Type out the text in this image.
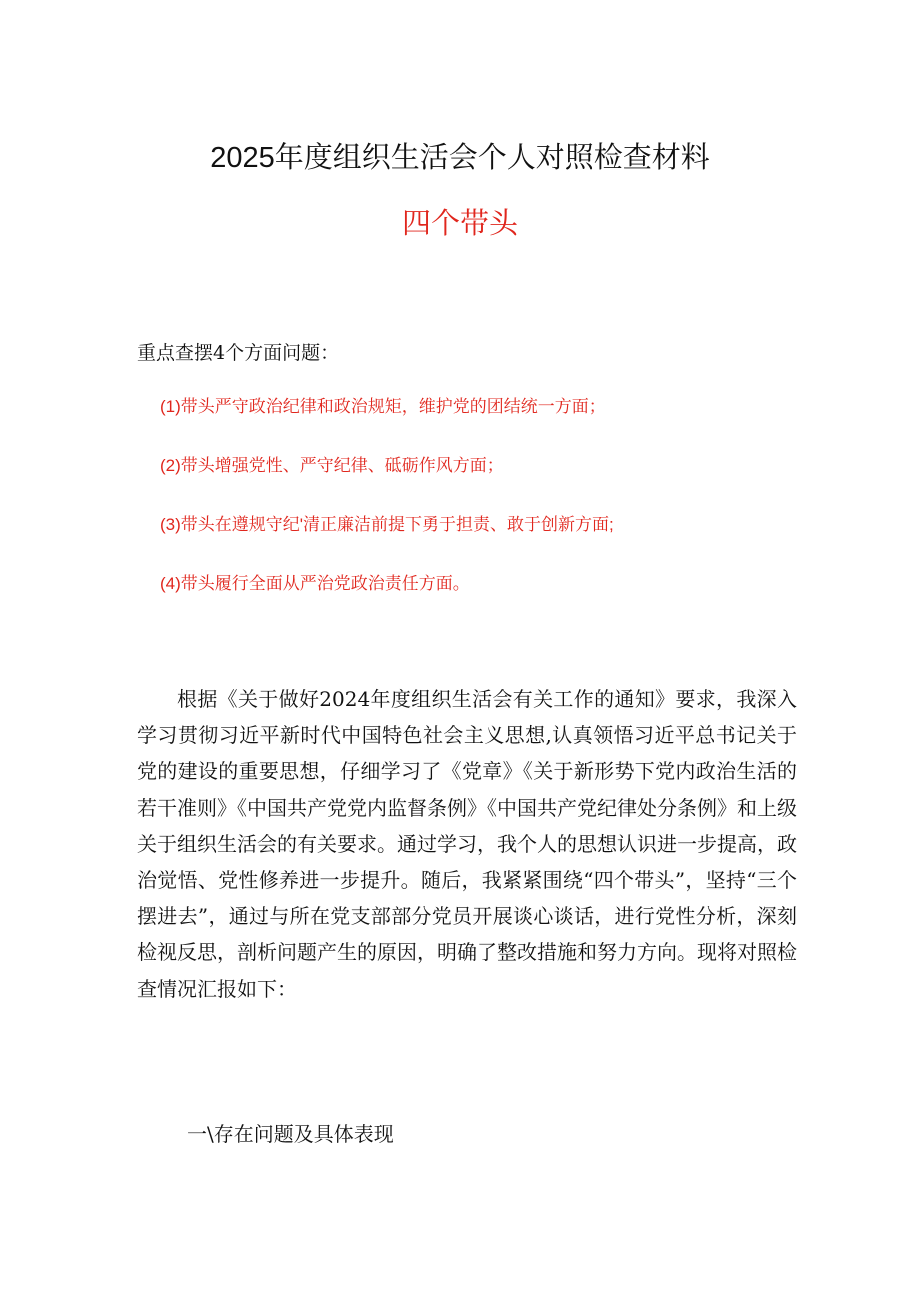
2025年度组织生活会个人对照检查材料
四个带头
重点查摆4个方面问题：
(1)带头严守政治纪律和政治规矩，维护党的团结统一方面；
(2)带头增强党性、严守纪律、砥砺作风方面；
(3)带头在遵规守纪'清正廉洁前提下勇于担责、敢于创新方面;
(4)带头履行全面从严治党政治责任方面。

根据《关于做好2024年度组织生活会有关工作的通知》要求，我深入学习贯彻习近平新时代中国特色社会主义思想,认真领悟习近平总书记关于党的建设的重要思想，仔细学习了《党章》《关于新形势下党内政治生活的若干准则》《中国共产党党内监督条例》《中国共产党纪律处分条例》和上级关于组织生活会的有关要求。通过学习，我个人的思想认识进一步提高，政治觉悟、党性修养进一步提升。随后，我紧紧围绕“四个带头”，坚持“三个摆进去”，通过与所在党支部部分党员开展谈心谈话，进行党性分析，深刻检视反思，剖析问题产生的原因，明确了整改措施和努力方向。现将对照检查情况汇报如下：

一\存在问题及具体表现
